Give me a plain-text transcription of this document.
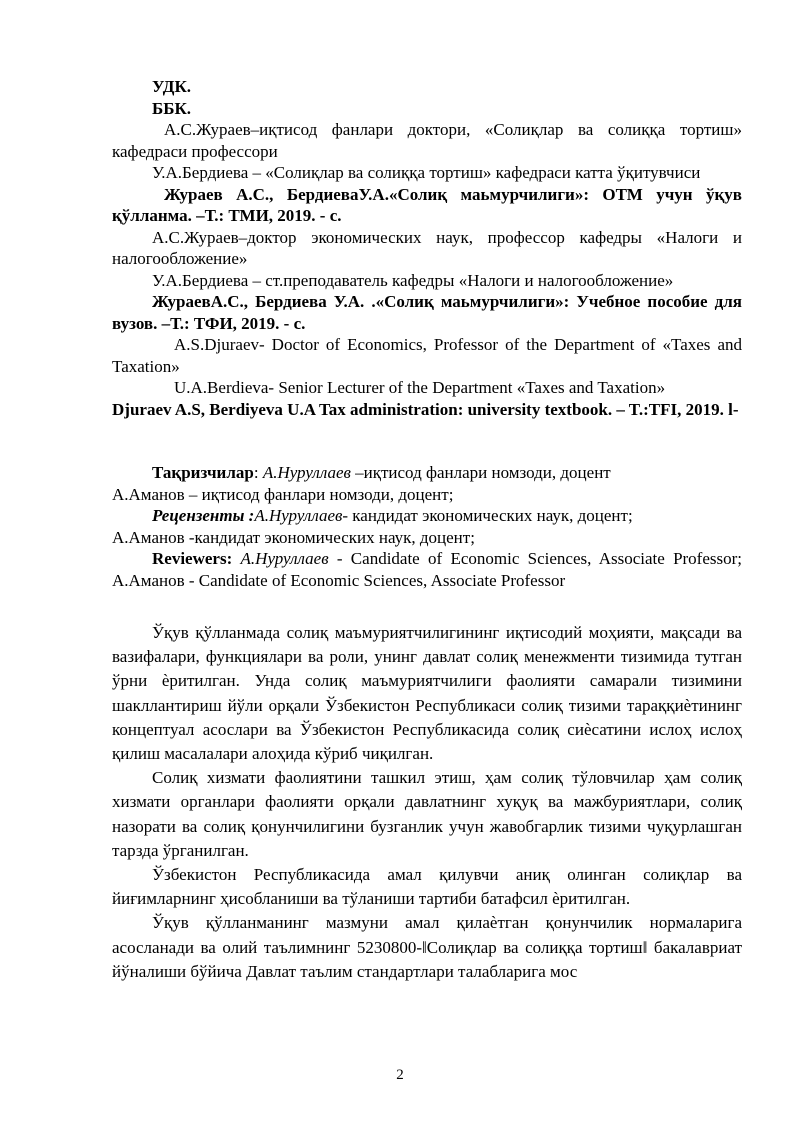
УДК.

ББК.

А.С.Жураев–иқтисод фанлари доктори, «Солиқлар ва солиққа тортиш» кафедраси профессори

У.А.Бердиева – «Солиқлар ва солиққа тортиш» кафедраси катта ўқитувчиси

Жураев А.С., БердиеваУ.А.«Солиқ маьмурчилиги»: ОТМ учун ўқув қўлланма. –Т.: ТМИ, 2019. - с.

А.С.Жураев–доктор экономических наук, профессор кафедры «Налоги и налогообложение»

У.А.Бердиева – ст.преподаватель кафедры «Налоги и налогообложение»

ЖураевА.С., Бердиева У.А. .«Солиқ маьмурчилиги»: Учебное пособие для вузов. –Т.: ТФИ, 2019. - с.

A.S.Djuraev- Doctor of Economics, Professor of the Department of «Taxes and Taxation»

U.A.Berdieva- Senior Lecturer of the Department «Taxes and Taxation»

Djuraev A.S, Berdiyeva U.A Tax administration: university textbook. – T.:TFI, 2019. l-

Тақризчилар: А.Нуруллаев –иқтисод фанлари номзоди, доцент

А.Аманов – иқтисод фанлари номзоди, доцент;

Рецензенты :А.Нуруллаев- кандидат экономических наук, доцент;

А.Аманов -кандидат экономических наук, доцент;

Reviewers: А.Нуруллаев - Candidate of Economic Sciences, Associate Professor; А.Аманов - Candidate of Economic Sciences, Associate Professor

Ўқув қўлланмада солиқ маъмуриятчилигининг иқтисодий моҳияти, мақсади ва вазифалари, функциялари ва роли, унинг давлат солиқ менежменти тизимида тутган ўрни ѐритилган. Унда солиқ маъмуриятчилиги фаолияти самарали тизимини шакллантириш йўли орқали Ўзбекистон Республикаси солиқ тизими тараққиѐтининг концептуал асослари ва Ўзбекистон Республикасида солиқ сиѐсатини ислоҳ ислоҳ қилиш масалалари алоҳида кўриб чиқилган.

Солиқ хизмати фаолиятини ташкил этиш, ҳам солиқ тўловчилар ҳам солиқ хизмати органлари фаолияти орқали давлатнинг хуқуқ ва мажбуриятлари, солиқ назорати ва солиқ қонунчилигини бузганлик учун жавобгарлик тизими чуқурлашган тарзда ўрганилган.

Ўзбекистон Республикасида амал қилувчи аниқ олинган солиқлар ва йиғимларнинг ҳисобланиши ва тўланиши тартиби батафсил ѐритилган.

Ўқув қўлланманинг мазмуни амал қилаѐтган қонунчилик нормаларига асосланади ва олий таълимнинг 5230800-‖Солиқлар ва солиққа тортиш‖ бакалавриат йўналиши бўйича Давлат таълим стандартлари талабларига мос

2
